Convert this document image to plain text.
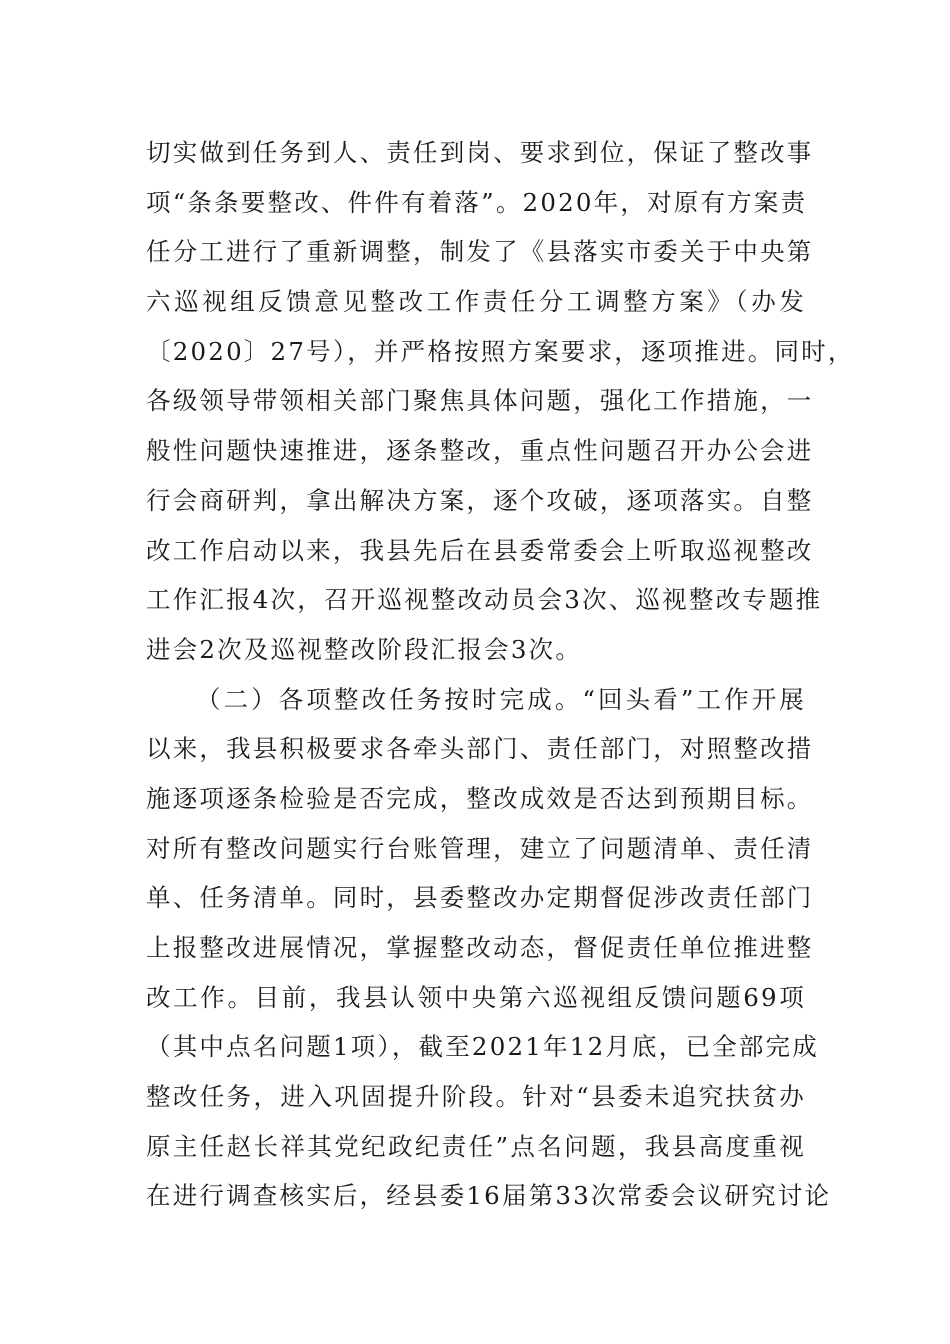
切实做到任务到人、责任到岗、要求到位，保证了整改事
项“条条要整改、件件有着落”。2020年，对原有方案责
任分工进行了重新调整，制发了《县落实市委关于中央第
六巡视组反馈意见整改工作责任分工调整方案》（办发
〔2020〕27号），并严格按照方案要求，逐项推进。同时，
各级领导带领相关部门聚焦具体问题，强化工作措施，一
般性问题快速推进，逐条整改，重点性问题召开办公会进
行会商研判，拿出解决方案，逐个攻破，逐项落实。自整
改工作启动以来，我县先后在县委常委会上听取巡视整改
工作汇报4次，召开巡视整改动员会3次、巡视整改专题推
进会2次及巡视整改阶段汇报会3次。
（二）各项整改任务按时完成。“回头看”工作开展
以来，我县积极要求各牵头部门、责任部门，对照整改措
施逐项逐条检验是否完成，整改成效是否达到预期目标。
对所有整改问题实行台账管理，建立了问题清单、责任清
单、任务清单。同时，县委整改办定期督促涉改责任部门
上报整改进展情况，掌握整改动态，督促责任单位推进整
改工作。目前，我县认领中央第六巡视组反馈问题69项
（其中点名问题1项），截至2021年12月底，已全部完成
整改任务，进入巩固提升阶段。针对“县委未追究扶贫办
原主任赵长祥其党纪政纪责任”点名问题，我县高度重视
在进行调查核实后，经县委16届第33次常委会议研究讨论
